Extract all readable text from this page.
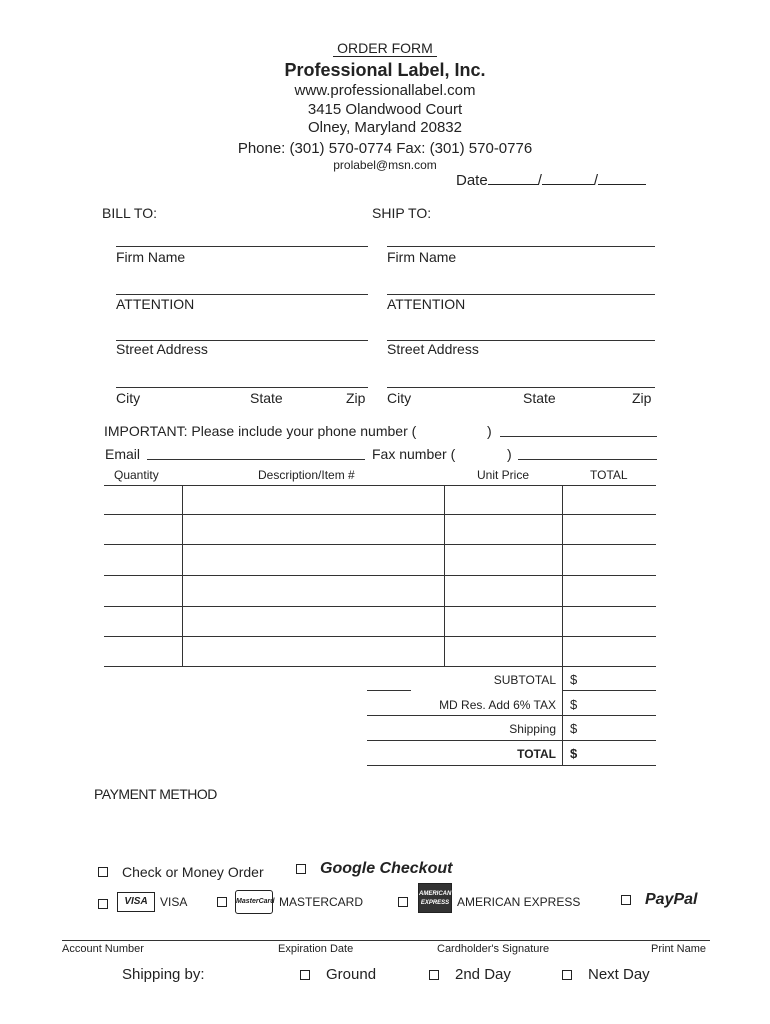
ORDER FORM
Professional Label, Inc.
www.professionallabel.com
3415 Olandwood Court
Olney, Maryland 20832
Phone: (301) 570-0774 Fax: (301) 570-0776
prolabel@msn.com
Date	/	/
BILL TO:	SHIP TO:
Firm Name
ATTENTION
Street Address
City	State	Zip
Firm Name
ATTENTION
Street Address
City	State	Zip
IMPORTANT: Please include your phone number (	)
Email	Fax number (	)
Quantity	Description/Item #	Unit Price	TOTAL
SUBTOTAL $
MD Res. Add 6% TAX $
Shipping $
TOTAL $
PAYMENT METHOD
Check or Money Order	Google Checkout
VISA	VISA	MasterCard MASTERCARD
AMERICAN EXPRESS AMERICAN EXPRESS	PayPal
Account Number	Expiration Date	Cardholder's Signature	Print Name
Shipping by:	Ground	2nd Day	Next Day
